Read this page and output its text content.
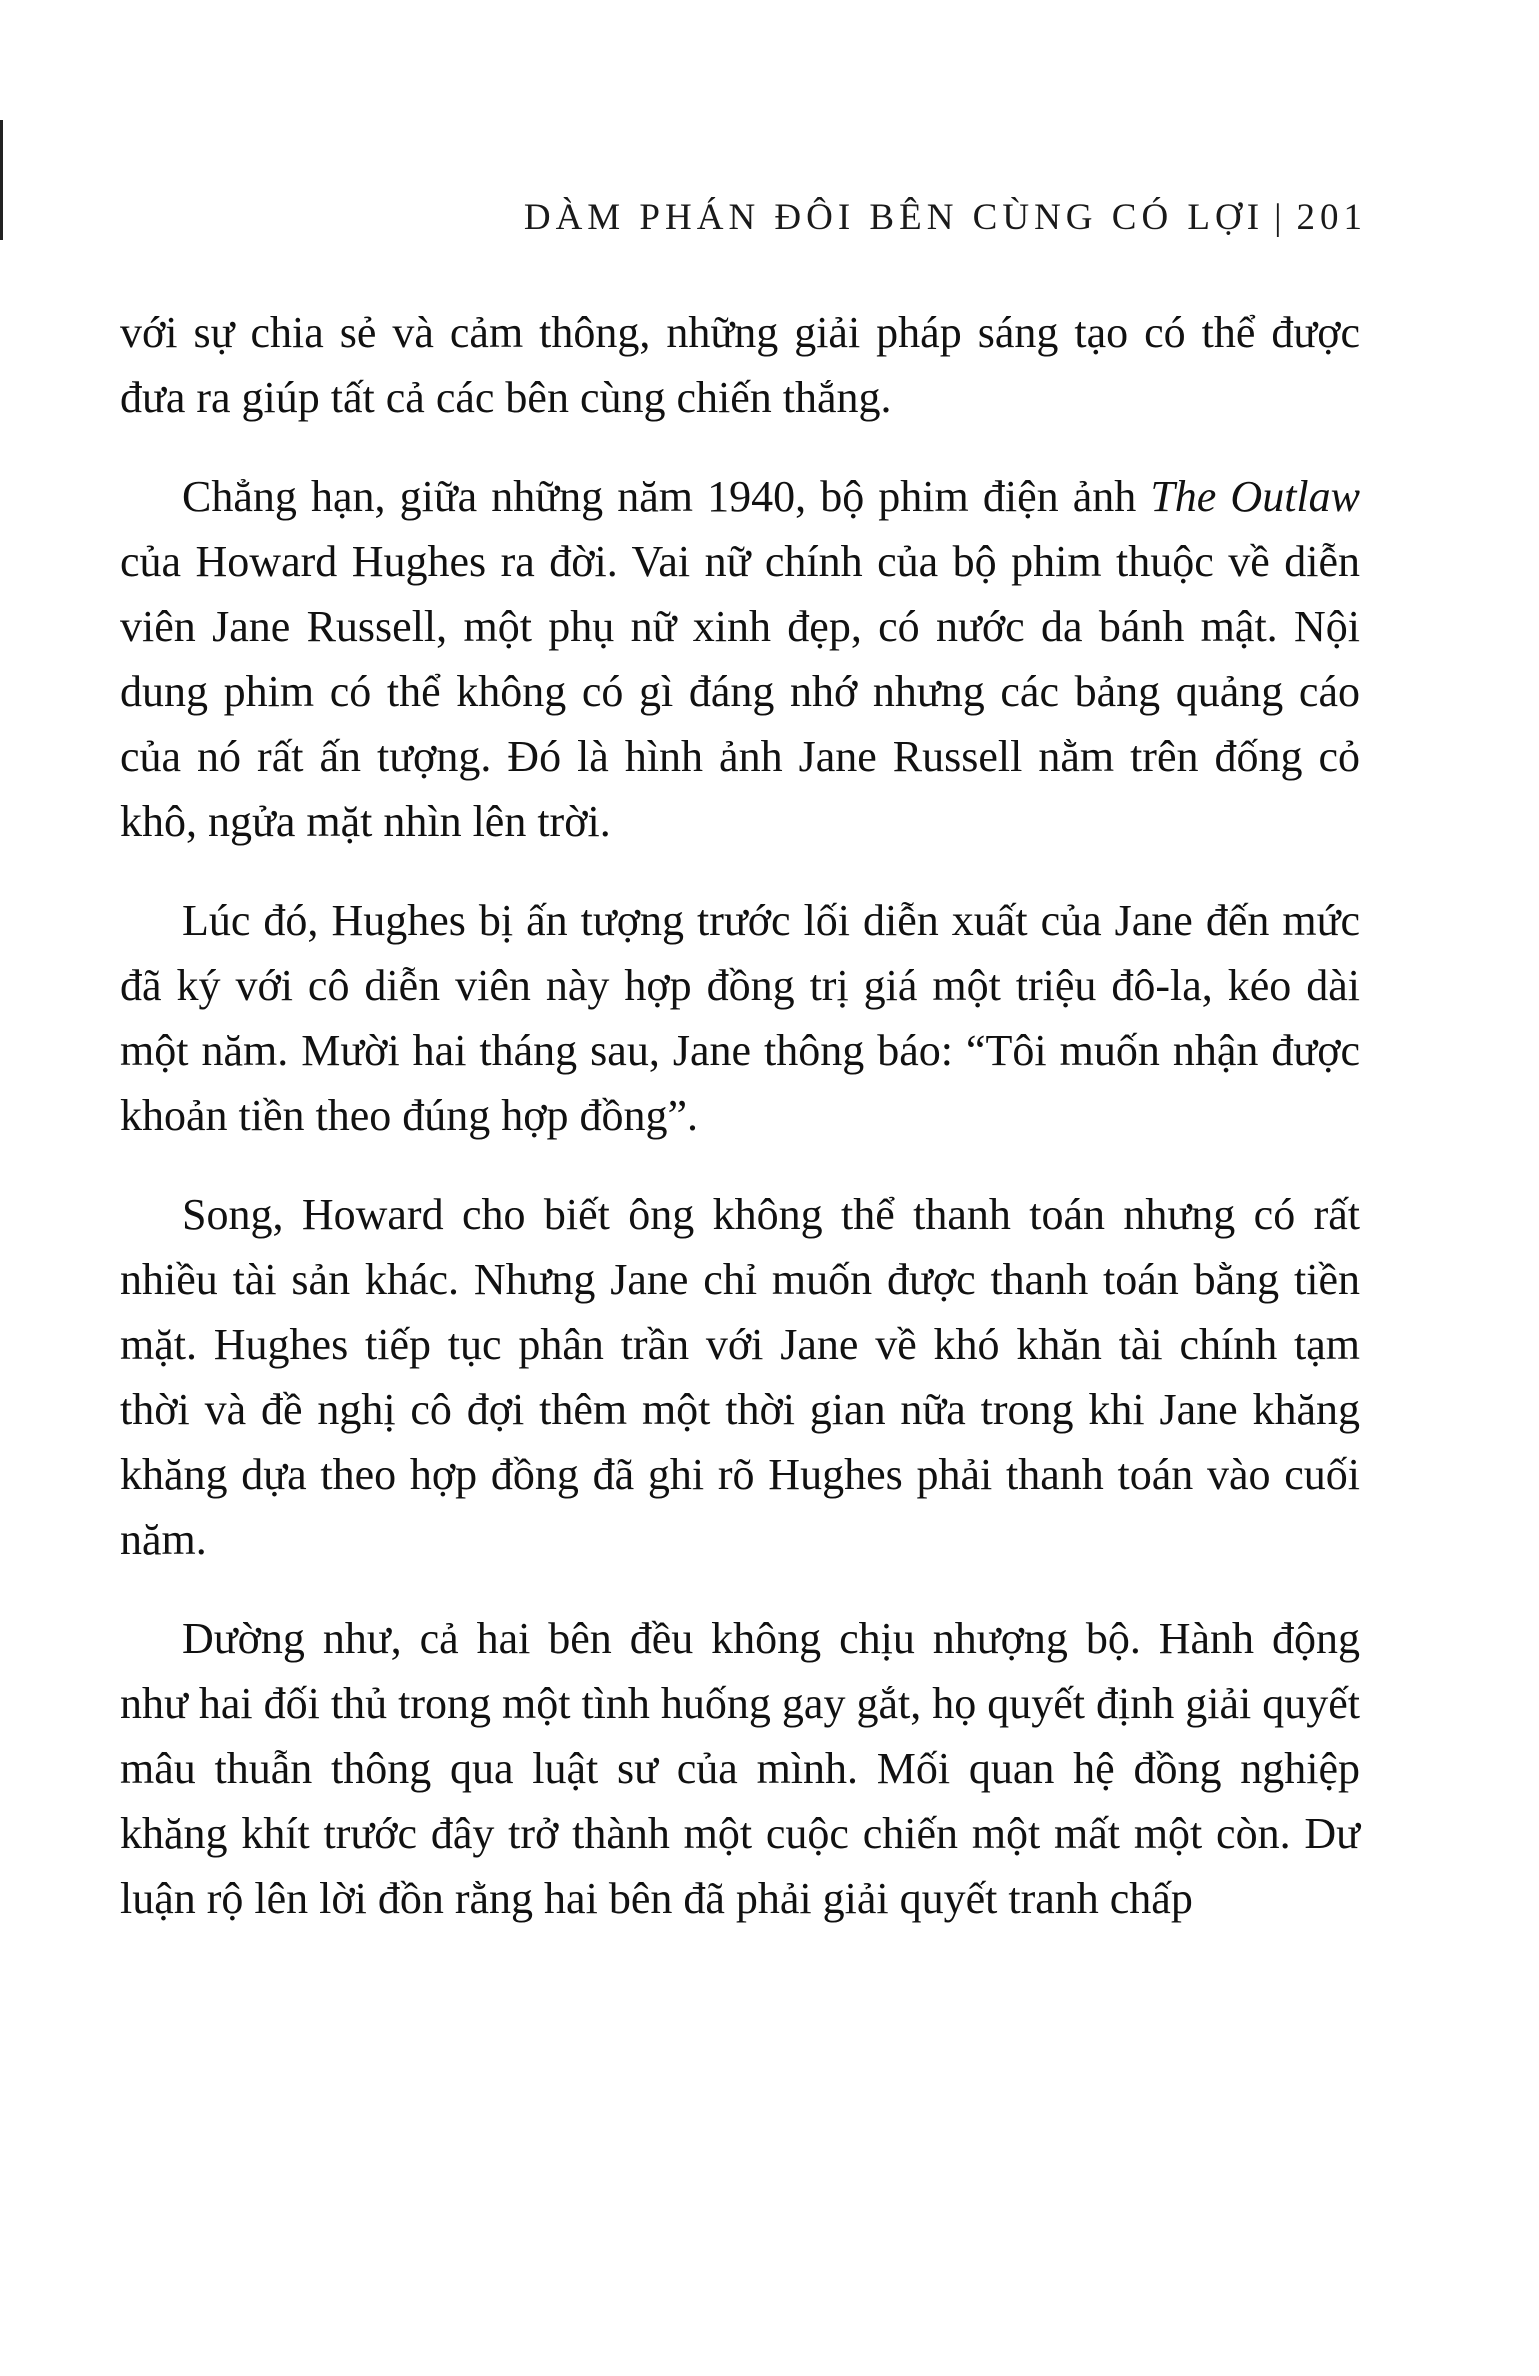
DÀM PHÁN ĐÔI BÊN CÙNG CÓ LỢI | 201

với sự chia sẻ và cảm thông, những giải pháp sáng tạo có thể được đưa ra giúp tất cả các bên cùng chiến thắng.

Chẳng hạn, giữa những năm 1940, bộ phim điện ảnh The Outlaw của Howard Hughes ra đời. Vai nữ chính của bộ phim thuộc về diễn viên Jane Russell, một phụ nữ xinh đẹp, có nước da bánh mật. Nội dung phim có thể không có gì đáng nhớ nhưng các bảng quảng cáo của nó rất ấn tượng. Đó là hình ảnh Jane Russell nằm trên đống cỏ khô, ngửa mặt nhìn lên trời.

Lúc đó, Hughes bị ấn tượng trước lối diễn xuất của Jane đến mức đã ký với cô diễn viên này hợp đồng trị giá một triệu đô-la, kéo dài một năm. Mười hai tháng sau, Jane thông báo: “Tôi muốn nhận được khoản tiền theo đúng hợp đồng”.

Song, Howard cho biết ông không thể thanh toán nhưng có rất nhiều tài sản khác. Nhưng Jane chỉ muốn được thanh toán bằng tiền mặt. Hughes tiếp tục phân trần với Jane về khó khăn tài chính tạm thời và đề nghị cô đợi thêm một thời gian nữa trong khi Jane khăng khăng dựa theo hợp đồng đã ghi rõ Hughes phải thanh toán vào cuối năm.

Dường như, cả hai bên đều không chịu nhượng bộ. Hành động như hai đối thủ trong một tình huống gay gắt, họ quyết định giải quyết mâu thuẫn thông qua luật sư của mình. Mối quan hệ đồng nghiệp khăng khít trước đây trở thành một cuộc chiến một mất một còn. Dư luận rộ lên lời đồn rằng hai bên đã phải giải quyết tranh chấp
